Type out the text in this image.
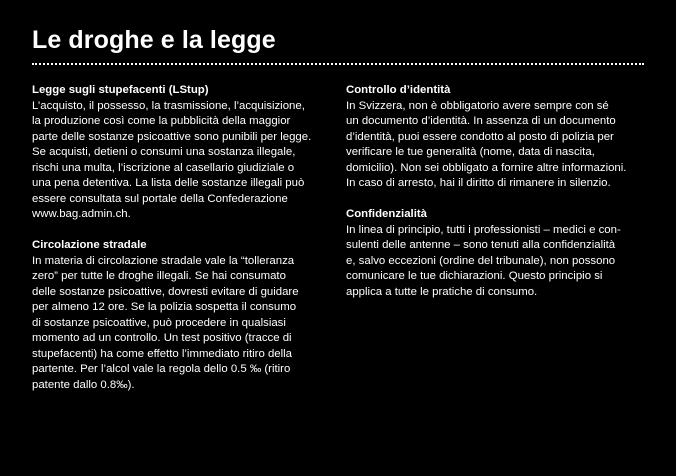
Le droghe e la legge

Legge sugli stupefacenti (LStup)

L’acquisto, il possesso, la trasmissione, l’acquisizione,

la produzione così come la pubblicità della maggior

parte delle sostanze psicoattive sono punibili per legge.

Se acquisti, detieni o consumi una sostanza illegale,

rischi una multa, l’iscrizione al casellario giudiziale o

una pena detentiva. La lista delle sostanze illegali può

essere consultata sul portale della Confederazione

www.bag.admin.ch.

Circolazione stradale

In materia di circolazione stradale vale la “tolleranza

zero” per tutte le droghe illegali. Se hai consumato

delle sostanze psicoattive, dovresti evitare di guidare

per almeno 12 ore. Se la polizia sospetta il consumo

di sostanze psicoattive, può procedere in qualsiasi

momento ad un controllo. Un test positivo (tracce di

stupefacenti) ha come effetto l’immediato ritiro della

partente. Per l’alcol vale la regola dello 0.5 ‰ (ritiro

patente dallo 0.8‰).

Controllo d’identità

In Svizzera, non è obbligatorio avere sempre con sé

un documento d’identità. In assenza di un documento

d’identità, puoi essere condotto al posto di polizia per

verificare le tue generalità (nome, data di nascita,

domicilio). Non sei obbligato a fornire altre informazioni.

In caso di arresto, hai il diritto di rimanere in silenzio.

Confidenzialità

In linea di principio, tutti i professionisti – medici e con-

sulenti delle antenne – sono tenuti alla confidenzialità

e, salvo eccezioni (ordine del tribunale), non possono

comunicare le tue dichiarazioni. Questo principio si

applica a tutte le pratiche di consumo.
